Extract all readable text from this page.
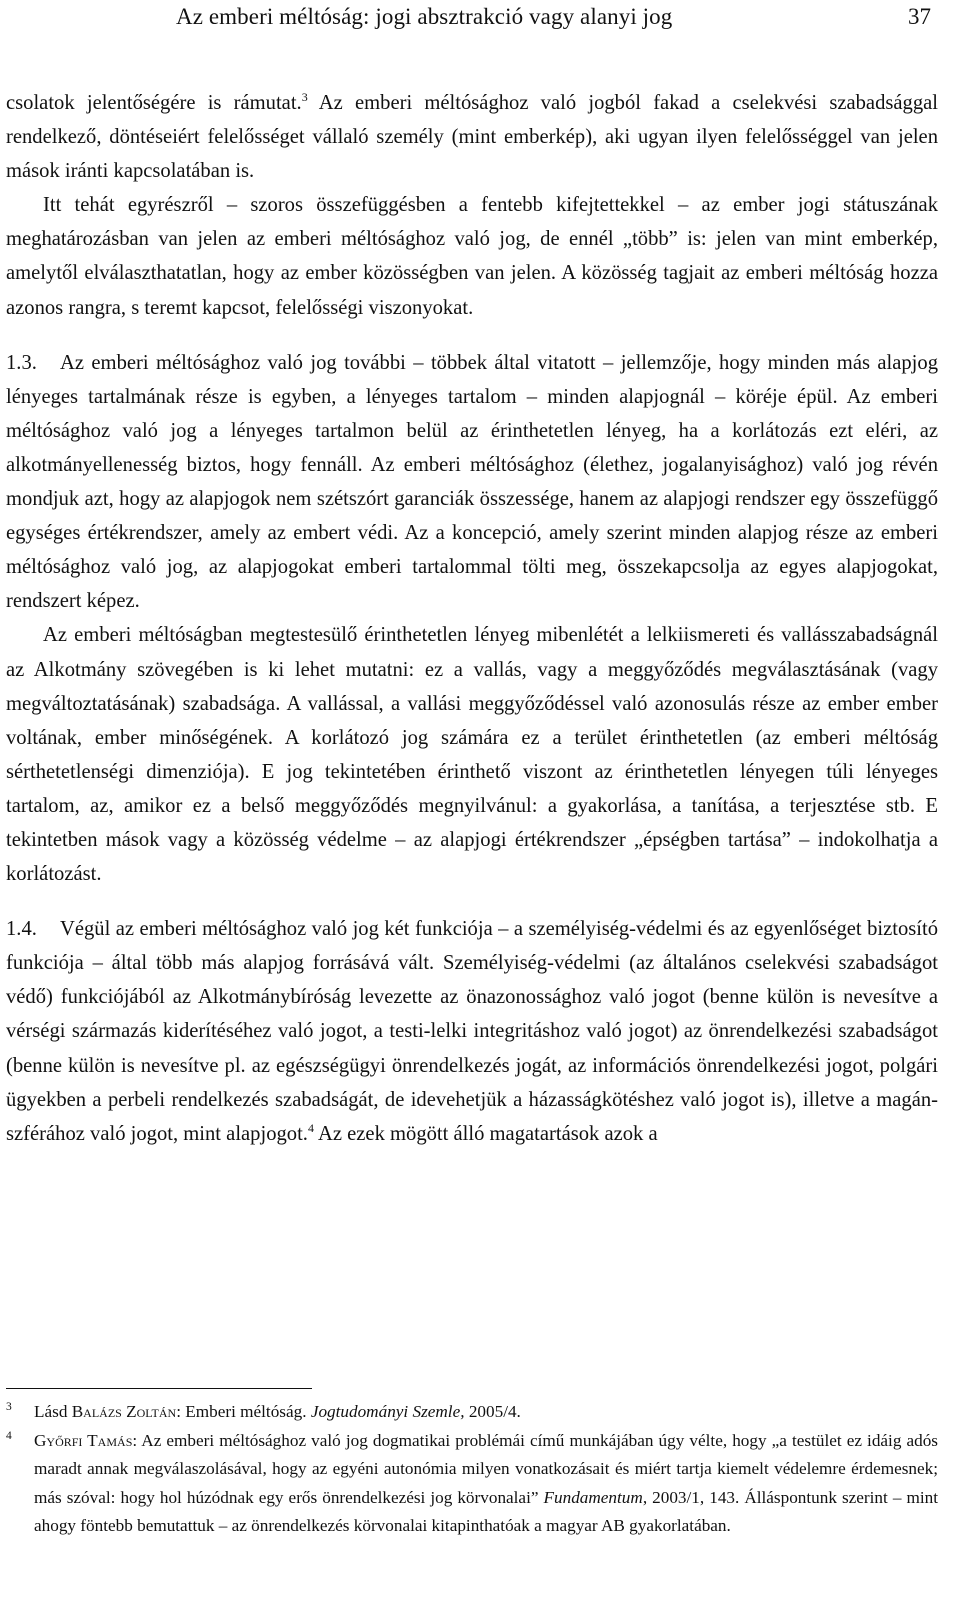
Az emberi méltóság: jogi absztrakció vagy alanyi jog	37

csolatok jelentőségére is rámutat.$^3$ Az emberi méltósághoz való jogból fakad a cselekvési szabadsággal rendelkező, döntéseiért felelősséget vállaló személy (mint emberkép), aki ugyan ilyen felelősséggel van jelen mások iránti kapcsolatában is.

Itt tehát egyrészről – szoros összefüggésben a fentebb kifejtettekkel – az ember jogi státuszának meghatározásban van jelen az emberi méltósághoz való jog, de ennél „több” is: jelen van mint emberkép, amelytől elválaszthatatlan, hogy az ember közösségben van jelen. A közösség tagjait az emberi méltóság hozza azonos rangra, s teremt kapcsot, felelősségi viszonyokat.

1.3. Az emberi méltósághoz való jog további – többek által vitatott – jellemzője, hogy minden más alapjog lényeges tartalmának része is egyben, a lényeges tartalom – minden alapjognál – köréje épül. Az emberi méltósághoz való jog a lényeges tartalmon belül az érinthetetlen lényeg, ha a korlátozás ezt eléri, az alkotmányellenesség biztos, hogy fennáll. Az emberi méltósághoz (élethez, jogalanyisághoz) való jog révén mondjuk azt, hogy az alapjogok nem szétszórt garanciák összessége, hanem az alapjogi rendszer egy összefüggő egységes értékrendszer, amely az embert védi. Az a koncepció, amely szerint minden alapjog része az emberi méltósághoz való jog, az alapjogokat emberi tartalommal tölti meg, összekapcsolja az egyes alapjogokat, rendszert képez.

Az emberi méltóságban megtestesülő érinthetetlen lényeg mibenlétét a lelkiismereti és vallásszabadságnál az Alkotmány szövegében is ki lehet mutatni: ez a vallás, vagy a meggyőződés megválasztásának (vagy megváltoztatásának) szabadsága. A vallással, a vallási meggyőződéssel való azonosulás része az ember ember voltának, ember minőségének. A korlátozó jog számára ez a terület érinthetetlen (az emberi méltóság sérthetetlenségi dimenziója). E jog tekintetében érinthető viszont az érinthetetlen lényegen túli lényeges tartalom, az, amikor ez a belső meggyőződés megnyilvánul: a gyakorlása, a tanítása, a terjesztése stb. E tekintetben mások vagy a közösség védelme – az alapjogi értékrendszer „épségben tartása” – indokolhatja a korlátozást.

1.4. Végül az emberi méltósághoz való jog két funkciója – a személyiség-védelmi és az egyenlőséget biztosító funkciója – által több más alapjog forrásává vált. Személyiség-védelmi (az általános cselekvési szabadságot védő) funkciójából az Alkotmánybíróság levezette az önazonossághoz való jogot (benne külön is nevesítve a vérségi származás kiderítéséhez való jogot, a testi-lelki integritáshoz való jogot) az önrendelkezési szabadságot (benne külön is nevesítve pl. az egészségügyi önrendelkezés jogát, az információs önrendelkezési jogot, polgári ügyekben a perbeli rendelkezés szabadságát, de idevehetjük a házasságkötéshez való jogot is), illetve a magánszférához való jogot, mint alapjogot.$^4$ Az ezek mögött álló magatartások azok a

3 Lásd Balázs Zoltán: Emberi méltóság. Jogtudományi Szemle, 2005/4.

4 Győrfi Tamás: Az emberi méltósághoz való jog dogmatikai problémái című munkájában úgy vélte, hogy „a testület ez idáig adós maradt annak megválaszolásával, hogy az egyéni autonómia milyen vonatkozásait és miért tartja kiemelt védelemre érdemesnek; más szóval: hogy hol húzódnak egy erős önrendelkezési jog körvonalai” Fundamentum, 2003/1, 143. Álláspontunk szerint – mint ahogy föntebb bemutattuk – az önrendelkezés körvonalai kitapinthatóak a magyar AB gyakorlatában.
